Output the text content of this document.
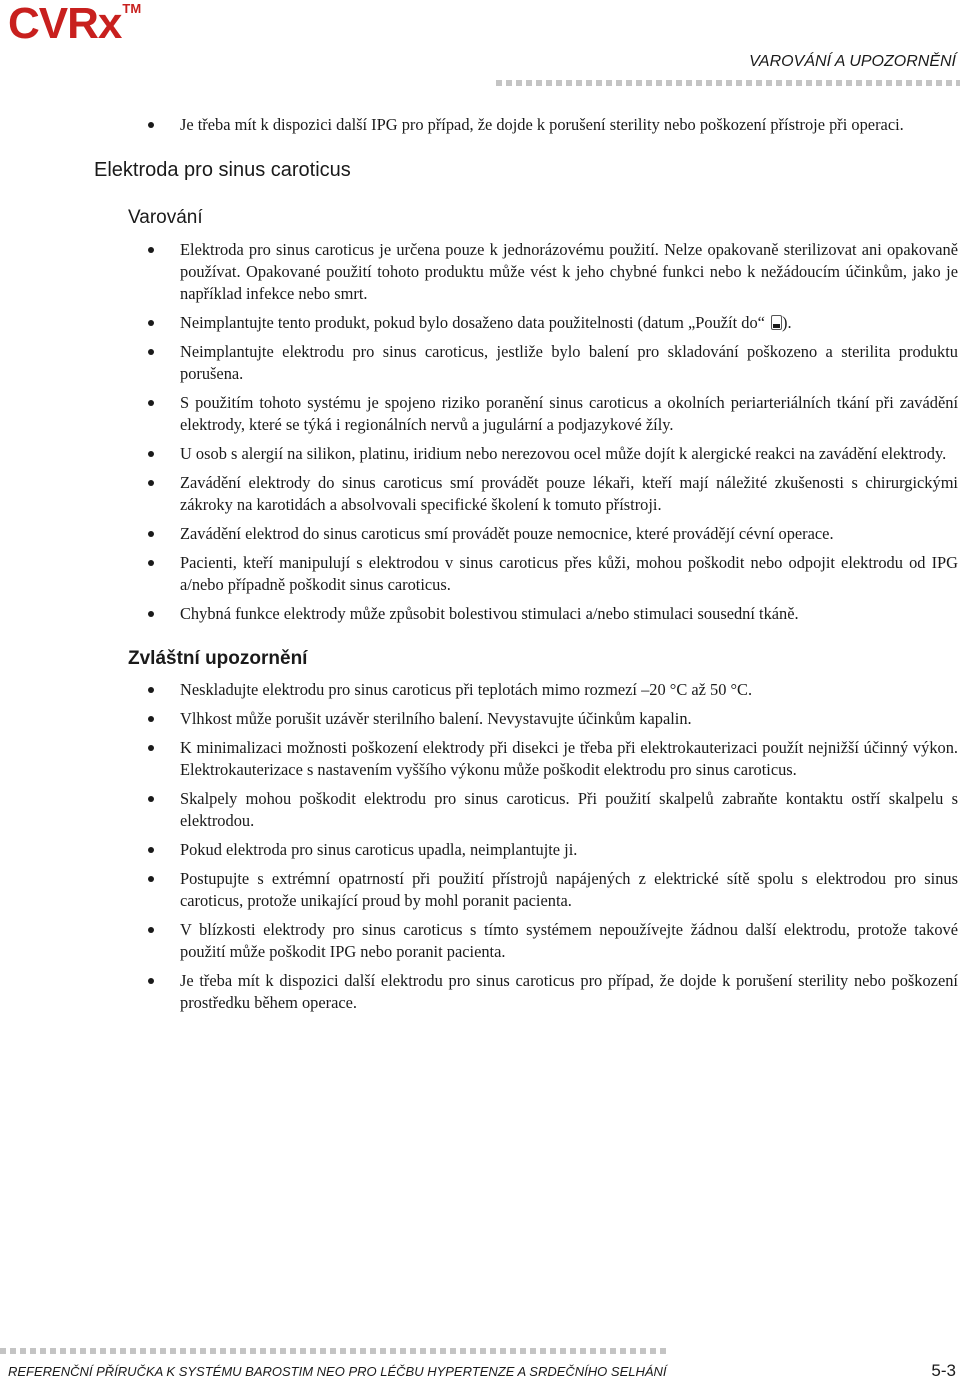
CVRx™
VAROVÁNÍ A UPOZORNĚNÍ
Je třeba mít k dispozici další IPG pro případ, že dojde k porušení sterility nebo poškození přístroje při operaci.
Elektroda pro sinus caroticus
Varování
Elektroda pro sinus caroticus je určena pouze k jednorázovému použití. Nelze opakovaně sterilizovat ani opakovaně používat. Opakované použití tohoto produktu může vést k jeho chybné funkci nebo k nežádoucím účinkům, jako je například infekce nebo smrt.
Neimplantujte tento produkt, pokud bylo dosaženo data použitelnosti (datum „Použít do“ ).
Neimplantujte elektrodu pro sinus caroticus, jestliže bylo balení pro skladování poškozeno a sterilita produktu porušena.
S použitím tohoto systému je spojeno riziko poranění sinus caroticus a okolních periarteriálních tkání při zavádění elektrody, které se týká i regionálních nervů a jugulární a podjazykové žíly.
U osob s alergií na silikon, platinu, iridium nebo nerezovou ocel může dojít k alergické reakci na zavádění elektrody.
Zavádění elektrody do sinus caroticus smí provádět pouze lékaři, kteří mají náležité zkušenosti s chirurgickými zákroky na karotidách a absolvovali specifické školení k tomuto přístroji.
Zavádění elektrod do sinus caroticus smí provádět pouze nemocnice, které provádějí cévní operace.
Pacienti, kteří manipulují s elektrodou v sinus caroticus přes kůži, mohou poškodit nebo odpojit elektrodu od IPG a/nebo případně poškodit sinus caroticus.
Chybná funkce elektrody může způsobit bolestivou stimulaci a/nebo stimulaci sousední tkáně.
Zvláštní upozornění
Neskladujte elektrodu pro sinus caroticus při teplotách mimo rozmezí –20 °C až 50 °C.
Vlhkost může porušit uzávěr sterilního balení. Nevystavujte účinkům kapalin.
K minimalizaci možnosti poškození elektrody při disekci je třeba při elektrokauterizaci použít nejnižší účinný výkon. Elektrokauterizace s nastavením vyššího výkonu může poškodit elektrodu pro sinus caroticus.
Skalpely mohou poškodit elektrodu pro sinus caroticus. Při použití skalpelů zabraňte kontaktu ostří skalpelu s elektrodou.
Pokud elektroda pro sinus caroticus upadla, neimplantujte ji.
Postupujte s extrémní opatrností při použití přístrojů napájených z elektrické sítě spolu s elektrodou pro sinus caroticus, protože unikající proud by mohl poranit pacienta.
V blízkosti elektrody pro sinus caroticus s tímto systémem nepoužívejte žádnou další elektrodu, protože takové použití může poškodit IPG nebo poranit pacienta.
Je třeba mít k dispozici další elektrodu pro sinus caroticus pro případ, že dojde k porušení sterility nebo poškození prostředku během operace.
REFERENČNÍ PŘÍRUČKA K SYSTÉMU BAROSTIM NEO PRO LÉČBU HYPERTENZE A SRDEČNÍHO SELHÁNÍ	5-3
